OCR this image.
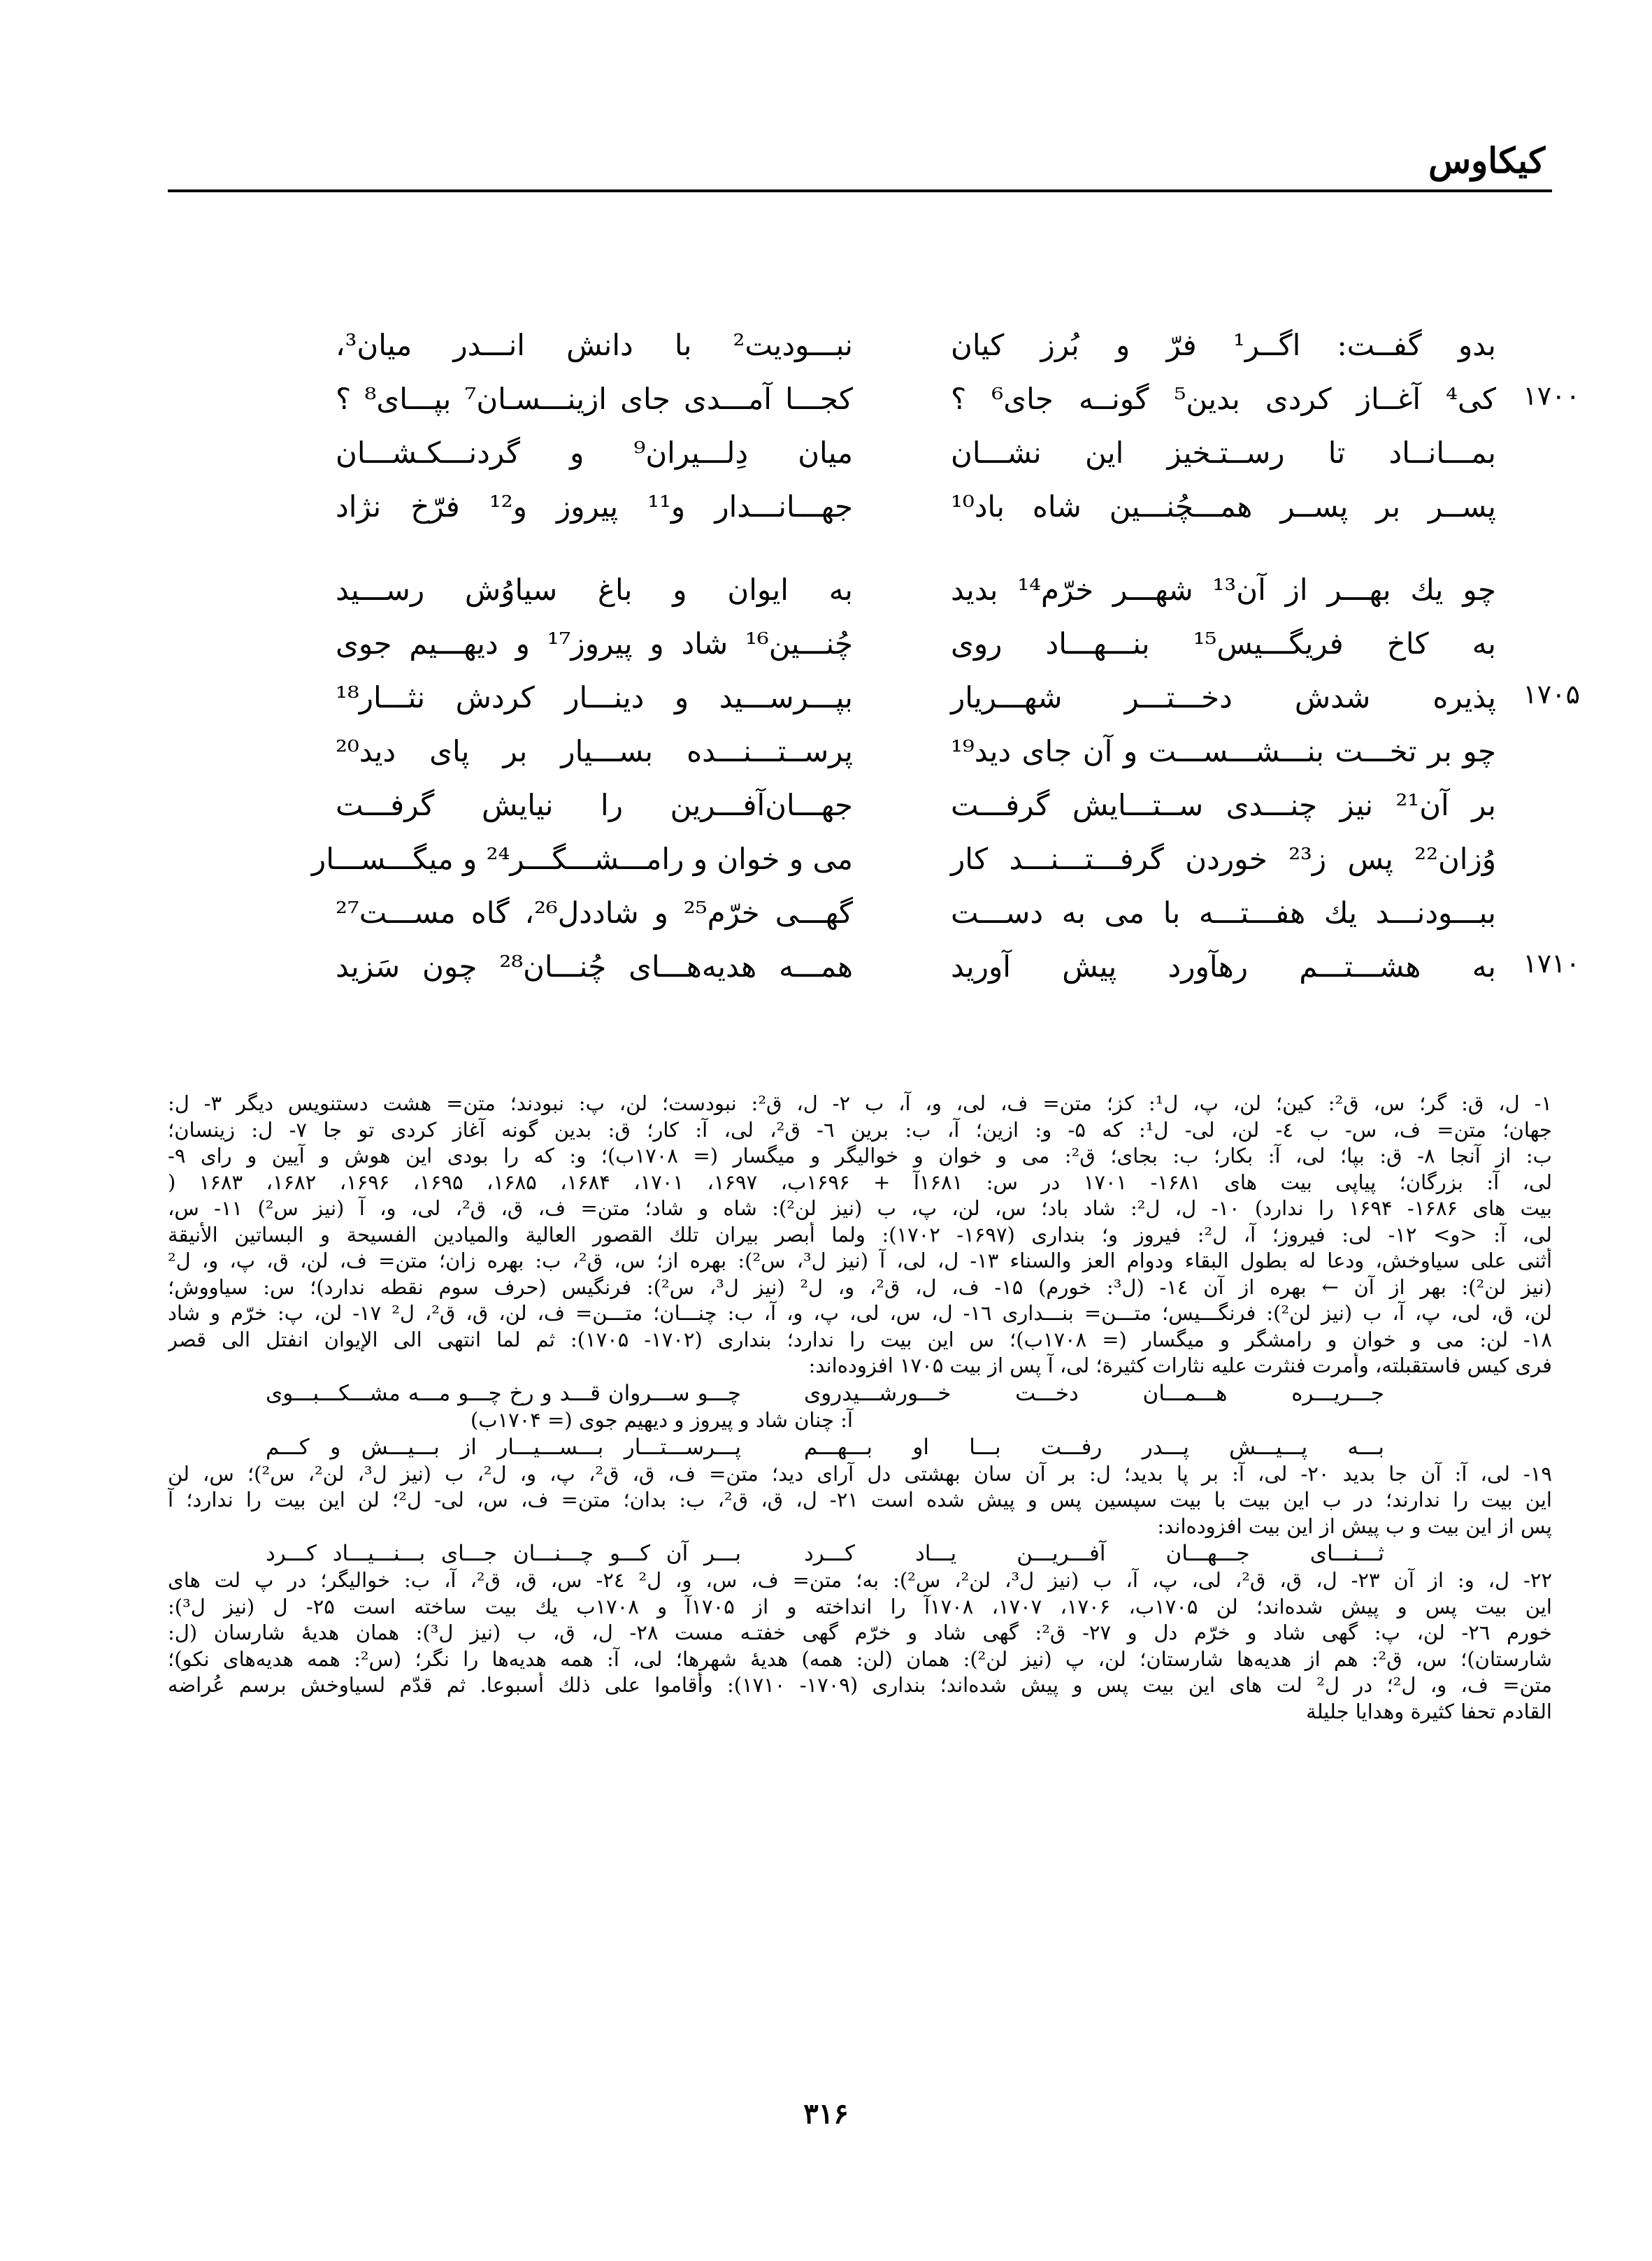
کیکاوس
بدو گفــت: اگــر¹ فرّ و بُرز کیان
نبـــودیت² با دانش انـــدر میان³،
۱۷۰۰
کی⁴ آغــاز کردی بدین⁵ گونــه جای⁶ ؟
کجـــا آمـــدی جای ازینـــسـان⁷ بپـــای⁸ ؟
بمـــانــاد تا رســتـخیز این نشـــان
میان دِلـــیران⁹ و گردنـــکـشـــان
پســر بر پســر همـــچُنـــین شاه باد¹⁰
جهـــانـــدار و¹¹ پیروز و¹² فرّخ نژاد
چو یك بهـــر از آن¹³ شهـــر خرّم¹⁴ بدید
به ایوان و باغ سیاوُش رســـید
به کاخ فریگـــیس¹⁵ بنـــهـــاد روی
چُنـــین¹⁶ شاد و پیروز¹⁷ و دیهـــیم جوی
۱۷۰۵
پذیره شدش دخـــتـــر شهـــریار
بپـــرســـید و دینـــار کردش نثـــار¹⁸
چو بر تخـــت بنـــشـــســـت و آن جای دید¹⁹
پرســتـــنـــده بســـیار بر پای دید²⁰
بر آن²¹ نیز چنـــدی ســتـــایش گرفـــت
جهـــان‌آفـــرین را نیایش گرفـــت
وُزان²² پس ز²³ خوردن گرفـــتـــنـــد کار
می و خوان و رامـــشـــگـــر²⁴ و میگـــســـار
ببـــودنـــد یك هفـــتـــه با می به دســـت
گهـــی خرّم²⁵ و شاددل²⁶، گاه مســـت²⁷
۱۷۱۰
به هشـــتـــم رهآورد پیش آورید
همـــه هدیه‌هـــای چُنـــان²⁸ چون سَزید
۱- ل، ق: گر؛ س، ق²: کین؛ لن، پ، ل¹: کز؛ متن= ف، لی، و، آ، ب ۲- ل، ق²: نبودست؛ لن، پ: نبودند؛ متن= هشت دستنویس دیگر ۳- ل:
جهان؛ متن= ف، س- ب ٤- لن، لی- ل¹: که ۵- و: ازین؛ آ، ب: برین ٦- ق²، لی، آ: کار؛ ق: بدین گونه آغاز کردی تو جا ۷- ل: زینسان؛
ب: از آنجا ۸- ق: بپا؛ لی، آ: بکار؛ ب: بجای؛ ق²: می و خوان و خوالیگر و میگسار (= ۱۷۰۸ب)؛ و: که را بودی این هوش و آیین و رای ۹-
لی، آ: بزرگان؛ پیاپی بیت های ۱۶۸۱- ۱۷۰۱ در س: ۱۶۸۱آ + ۱۶۹۶ب، ۱۶۹۷، ۱۷۰۱، ۱۶۸۴، ۱۶۸۵، ۱۶۹۵، ۱۶۹۶، ۱۶۸۲، ۱۶۸۳ (
بیت های ۱۶۸۶- ۱۶۹۴ را ندارد) ۱۰- ل، ل²: شاد باد؛ س، لن، پ، ب (نیز لن²): شاه و شاد؛ متن= ف، ق، ق²، لی، و، آ (نیز س²) ۱۱- س،
لی، آ: <و> ۱۲- لی: فیروز؛ آ، ل²: فیروز و؛ بنداری (۱۶۹۷- ۱۷۰۲): ولما أبصر بیران تلك القصور العالیة والمیادین الفسیحة و البساتین الأنیقة
أثنی علی سیاوخش، ودعا له بطول البقاء ودوام العز والسناء ۱۳- ل، لی، آ (نیز ل³، س²): بهره از؛ س، ق²، ب: بهره زان؛ متن= ف، لن، ق، پ، و، ل²
(نیز لن²): بهر از آن ← بهره از آن ۱٤- (ل³: خورم) ۱۵- ف، ل، ق²، و، ل² (نیز ل³، س²): فرنگیس (حرف سوم نقطه ندارد)؛ س: سیاووش؛
لن، ق، لی، پ، آ، ب (نیز لن²): فرنگـــیس؛ متـــن= بنـــداری ۱٦- ل، س، لی، پ، و، آ، ب: چنـــان؛ متـــن= ف، لن، ق، ق²، ل² ۱۷- لن، پ: خرّم و شاد
۱۸- لن: می و خوان و رامشگر و میگسار (= ۱۷۰۸ب)؛ س این بیت را ندارد؛ بنداری (۱۷۰۲- ۱۷۰۵): ثم لما انتهی الی الإیوان انفتل الی قصر
فری کیس فاستقبلته، وأمرت فنثرت علیه نثارات كثیرة؛ لی، آ پس از بیت ۱۷۰۵ افزوده‌اند:
جـــریـــره هـــمـــان دخـــت خـــورشـــیدروی
چـــو ســـروان قـــد و رخ چـــو مـــه مشـــکـــبـــوی
آ: چنان شاد و پیروز و دیهیم جوی (= ۱۷۰۴ب)
بـــه پـــیـــش پـــدر رفـــت بـــا او بـــهـــم
پـــرســـتـــار بـــســـیـــار از بـــیـــش و کـــم
۱۹- لی، آ: آن جا بدید ۲۰- لی، آ: بر پا بدید؛ ل: بر آن سان بهشتی دل آرای دید؛ متن= ف، ق، ق²، پ، و، ل²، ب (نیز ل³، لن²، س²)؛ س، لن
این بیت را ندارند؛ در ب این بیت با بیت سپسین پس و پیش شده است ۲۱- ل، ق، ق²، ب: بدان؛ متن= ف، س، لی- ل²؛ لن این بیت را ندارد؛ آ
پس از این بیت و ب پیش از این بیت افزوده‌اند:
ثـــنـــای جـــهـــان آفـــریـــن یـــاد کـــرد
بـــر آن کـــو چـــنـــان جـــای بـــنـــیـــاد کـــرد
۲۲- ل، و: از آن ۲۳- ل، ق، ق²، لی، پ، آ، ب (نیز ل³، لن²، س²): به؛ متن= ف، س، و، ل² ۲٤- س، ق، ق²، آ، ب: خوالیگر؛ در پ لت های
این بیت پس و پیش شده‌اند؛ لن ۱۷۰۵ب، ۱۷۰۶، ۱۷۰۷، ۱۷۰۸آ را انداخته و از ۱۷۰۵آ و ۱۷۰۸ب یك بیت ساخته است ۲۵- ل (نیز ل³):
خورم ۲٦- لن، پ: گهی شاد و خرّم دل و ۲۷- ق²: گهی شاد و خرّم گهی خفتـه مست ۲۸- ل، ق، ب (نیز ل³): همان هدیهٔ شارسان (ل:
شارستان)؛ س، ق²: هم از هدیه‌ها شارستان؛ لن، پ (نیز لن²): همان (لن: همه) هدیهٔ شهرها؛ لی، آ: همه هدیه‌ها را نگر؛ (س²: همه هدیه‌های نکو)؛
متن= ف، و، ل²؛ در ل² لت های این بیت پس و پیش شده‌اند؛ بنداری (۱۷۰۹- ۱۷۱۰): وأقاموا علی ذلك أسبوعا. ثم قدّم لسیاوخش برسم عُراضه
القادم تحفا كثیرة وهدایا جلیلة
۳۱۶
